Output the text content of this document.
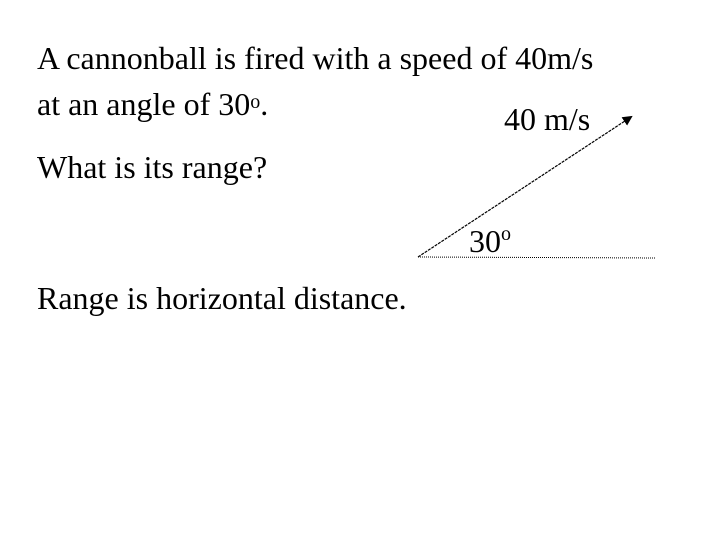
A cannonball is fired with a speed of 40m/s
at an angle of 30$^o$.
What is its range?
Range is horizontal distance.
40 m/s
30$^o$
